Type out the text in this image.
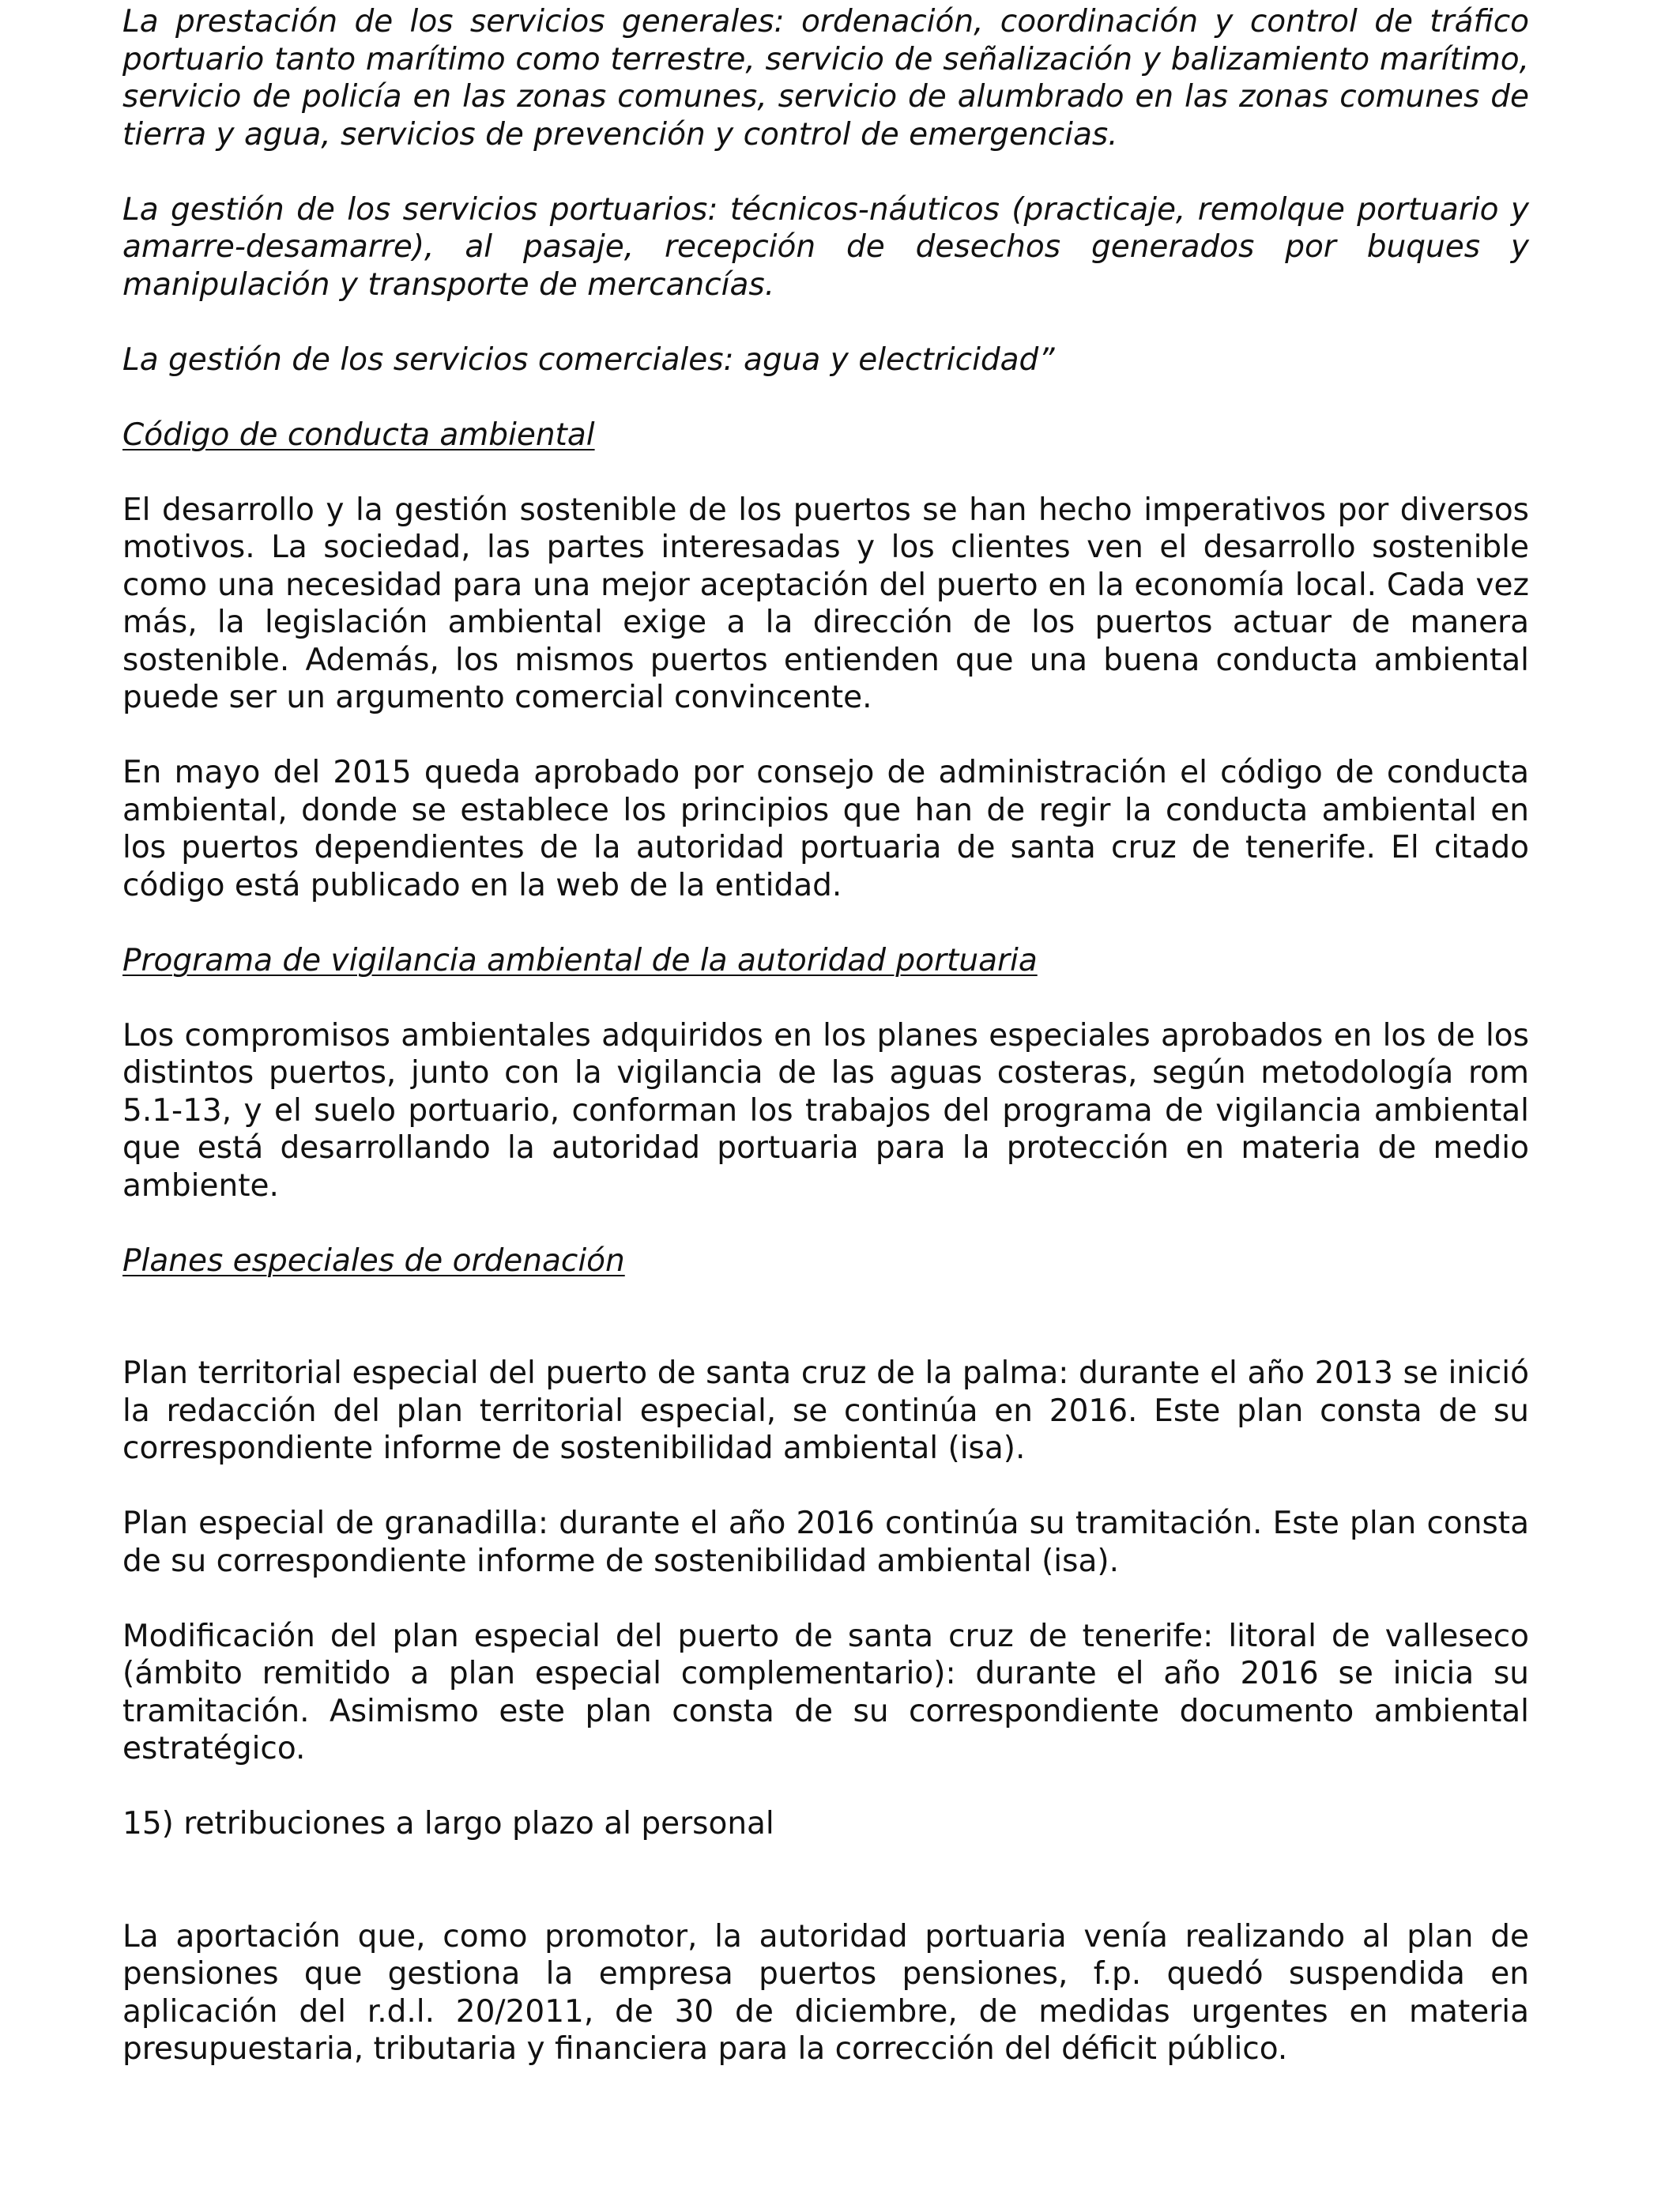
La prestación de los servicios generales: ordenación, coordinación y control de tráfico portuario tanto marítimo como terrestre, servicio de señalización y balizamiento marítimo, servicio de policía en las zonas comunes, servicio de alumbrado en las zonas comunes de tierra y agua, servicios de prevención y control de emergencias.

La gestión de los servicios portuarios: técnicos-náuticos (practicaje, remolque portuario y amarre-desamarre), al pasaje, recepción de desechos generados por buques y manipulación y transporte de mercancías.

La gestión de los servicios comerciales: agua y electricidad”

Código de conducta ambiental

El desarrollo y la gestión sostenible de los puertos se han hecho imperativos por diversos motivos. La sociedad, las partes interesadas y los clientes ven el desarrollo sostenible como una necesidad para una mejor aceptación del puerto en la economía local. Cada vez más, la legislación ambiental exige a la dirección de los puertos actuar de manera sostenible. Además, los mismos puertos entienden que una buena conducta ambiental puede ser un argumento comercial convincente.

En mayo del 2015 queda aprobado por consejo de administración el código de conducta ambiental, donde se establece los principios que han de regir la conducta ambiental en los puertos dependientes de la autoridad portuaria de santa cruz de tenerife. El citado código está publicado en la web de la entidad.

Programa de vigilancia ambiental de la autoridad portuaria

Los compromisos ambientales adquiridos en los planes especiales aprobados en los de los distintos puertos, junto con la vigilancia de las aguas costeras, según metodología rom 5.1-13, y el suelo portuario, conforman los trabajos del programa de vigilancia ambiental que está desarrollando la autoridad portuaria para la protección en materia de medio ambiente.

Planes especiales de ordenación

Plan territorial especial del puerto de santa cruz de la palma: durante el año 2013 se inició la redacción del plan territorial especial, se continúa en 2016. Este plan consta de su correspondiente informe de sostenibilidad ambiental (isa).

Plan especial de granadilla: durante el año 2016 continúa su tramitación. Este plan consta de su correspondiente informe de sostenibilidad ambiental (isa).

Modificación del plan especial del puerto de santa cruz de tenerife: litoral de valleseco (ámbito remitido a plan especial complementario): durante el año 2016 se inicia su tramitación. Asimismo este plan consta de su correspondiente documento ambiental estratégico.

15) retribuciones a largo plazo al personal

La aportación que, como promotor, la autoridad portuaria venía realizando al plan de pensiones que gestiona la empresa puertos pensiones, f.p. quedó suspendida en aplicación del r.d.l. 20/2011, de 30 de diciembre, de medidas urgentes en materia presupuestaria, tributaria y financiera para la corrección del déficit público.
